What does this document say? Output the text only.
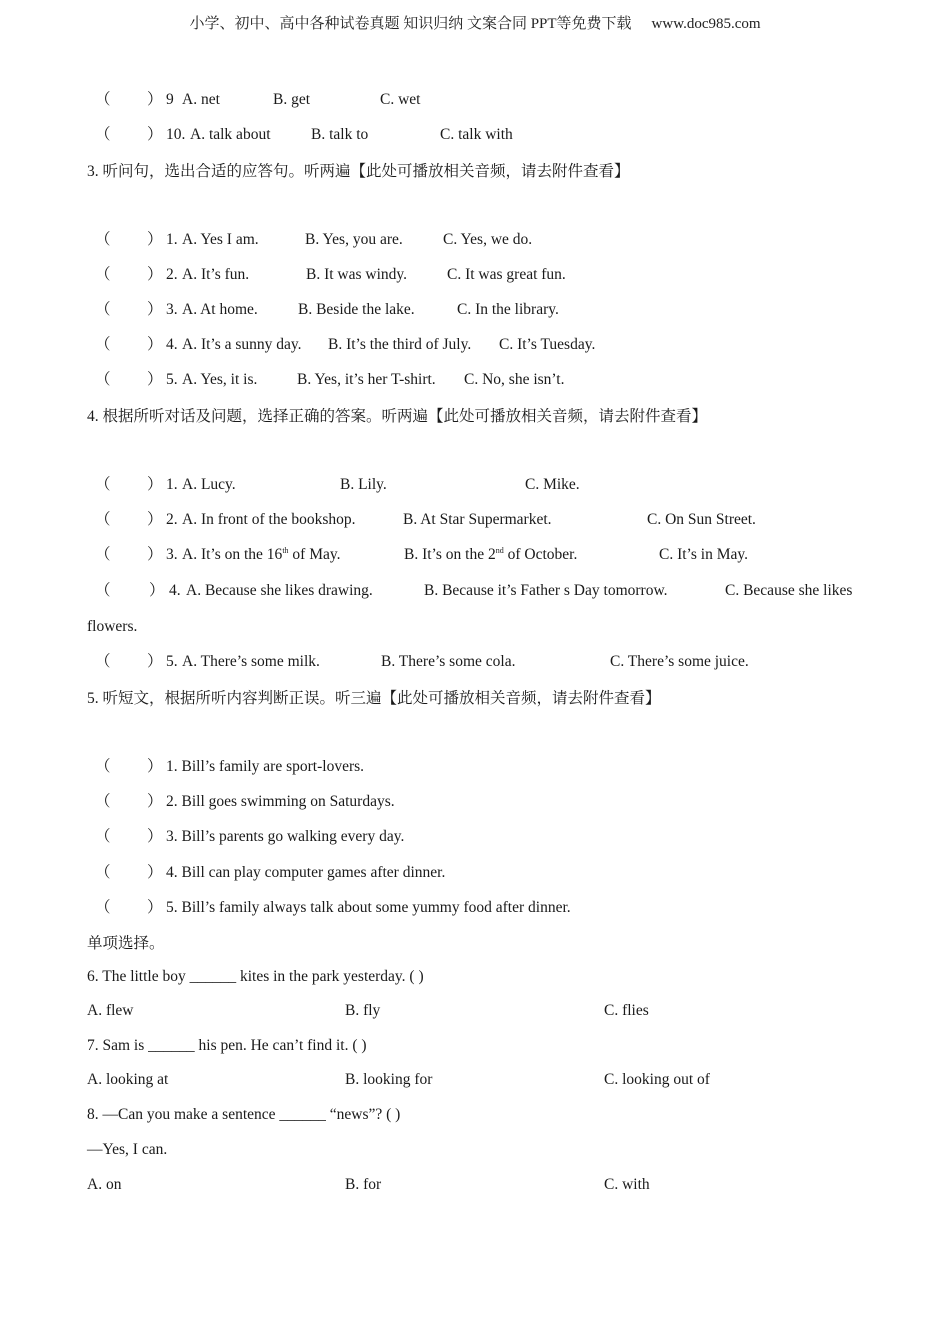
小学、初中、高中各种试卷真题 知识归纳 文案合同 PPT等免费下载 www.doc985.com
（ ） 9 A. net	B. get	C. wet
（ ） 10. A. talk about	B. talk to	C. talk with
3. 听问句，选出合适的应答句。听两遍【此处可播放相关音频，请去附件查看】
（ ） 1. A. Yes I am.	B. Yes, you are.	C. Yes, we do.
（ ） 2. A. It’s fun.	B. It was windy.	C. It was great fun.
（ ） 3. A. At home.	B. Beside the lake.	C. In the library.
（ ） 4. A. It’s a sunny day. B. It’s the third of July. C. It’s Tuesday.
（ ） 5. A. Yes, it is.	B. Yes, it’s her T-shirt. C. No, she isn’t.
4. 根据所听对话及问题，选择正确的答案。听两遍【此处可播放相关音频，请去附件查看】
（ ） 1. A. Lucy.	B. Lily.	C. Mike.
（ ） 2. A. In front of the bookshop.	B. At Star Supermarket.	C. On Sun Street.
（ ） 3. A. It’s on the 16th of May.	B. It’s on the 2nd of October.	C. It’s in May.
（ ） 4. A. Because she likes drawing.	B. Because it’s Father s Day tomorrow.	C. Because she likes
flowers.
（ ） 5. A. There’s some milk.	B. There’s some cola.	C. There’s some juice.
5. 听短文，根据所听内容判断正误。听三遍【此处可播放相关音频，请去附件查看】
（ ） 1. Bill’s family are sport-lovers.
（ ） 2. Bill goes swimming on Saturdays.
（ ） 3. Bill’s parents go walking every day.
（ ） 4. Bill can play computer games after dinner.
（ ） 5. Bill’s family always talk about some yummy food after dinner.
单项选择。
6. The little boy ______ kites in the park yesterday. ( )
A. flew	B. fly	C. flies
7. Sam is ______ his pen. He can’t find it. ( )
A. looking at	B. looking for	C. looking out of
8. —Can you make a sentence ______ “news”? ( )
—Yes, I can.
A. on	B. for	C. with
